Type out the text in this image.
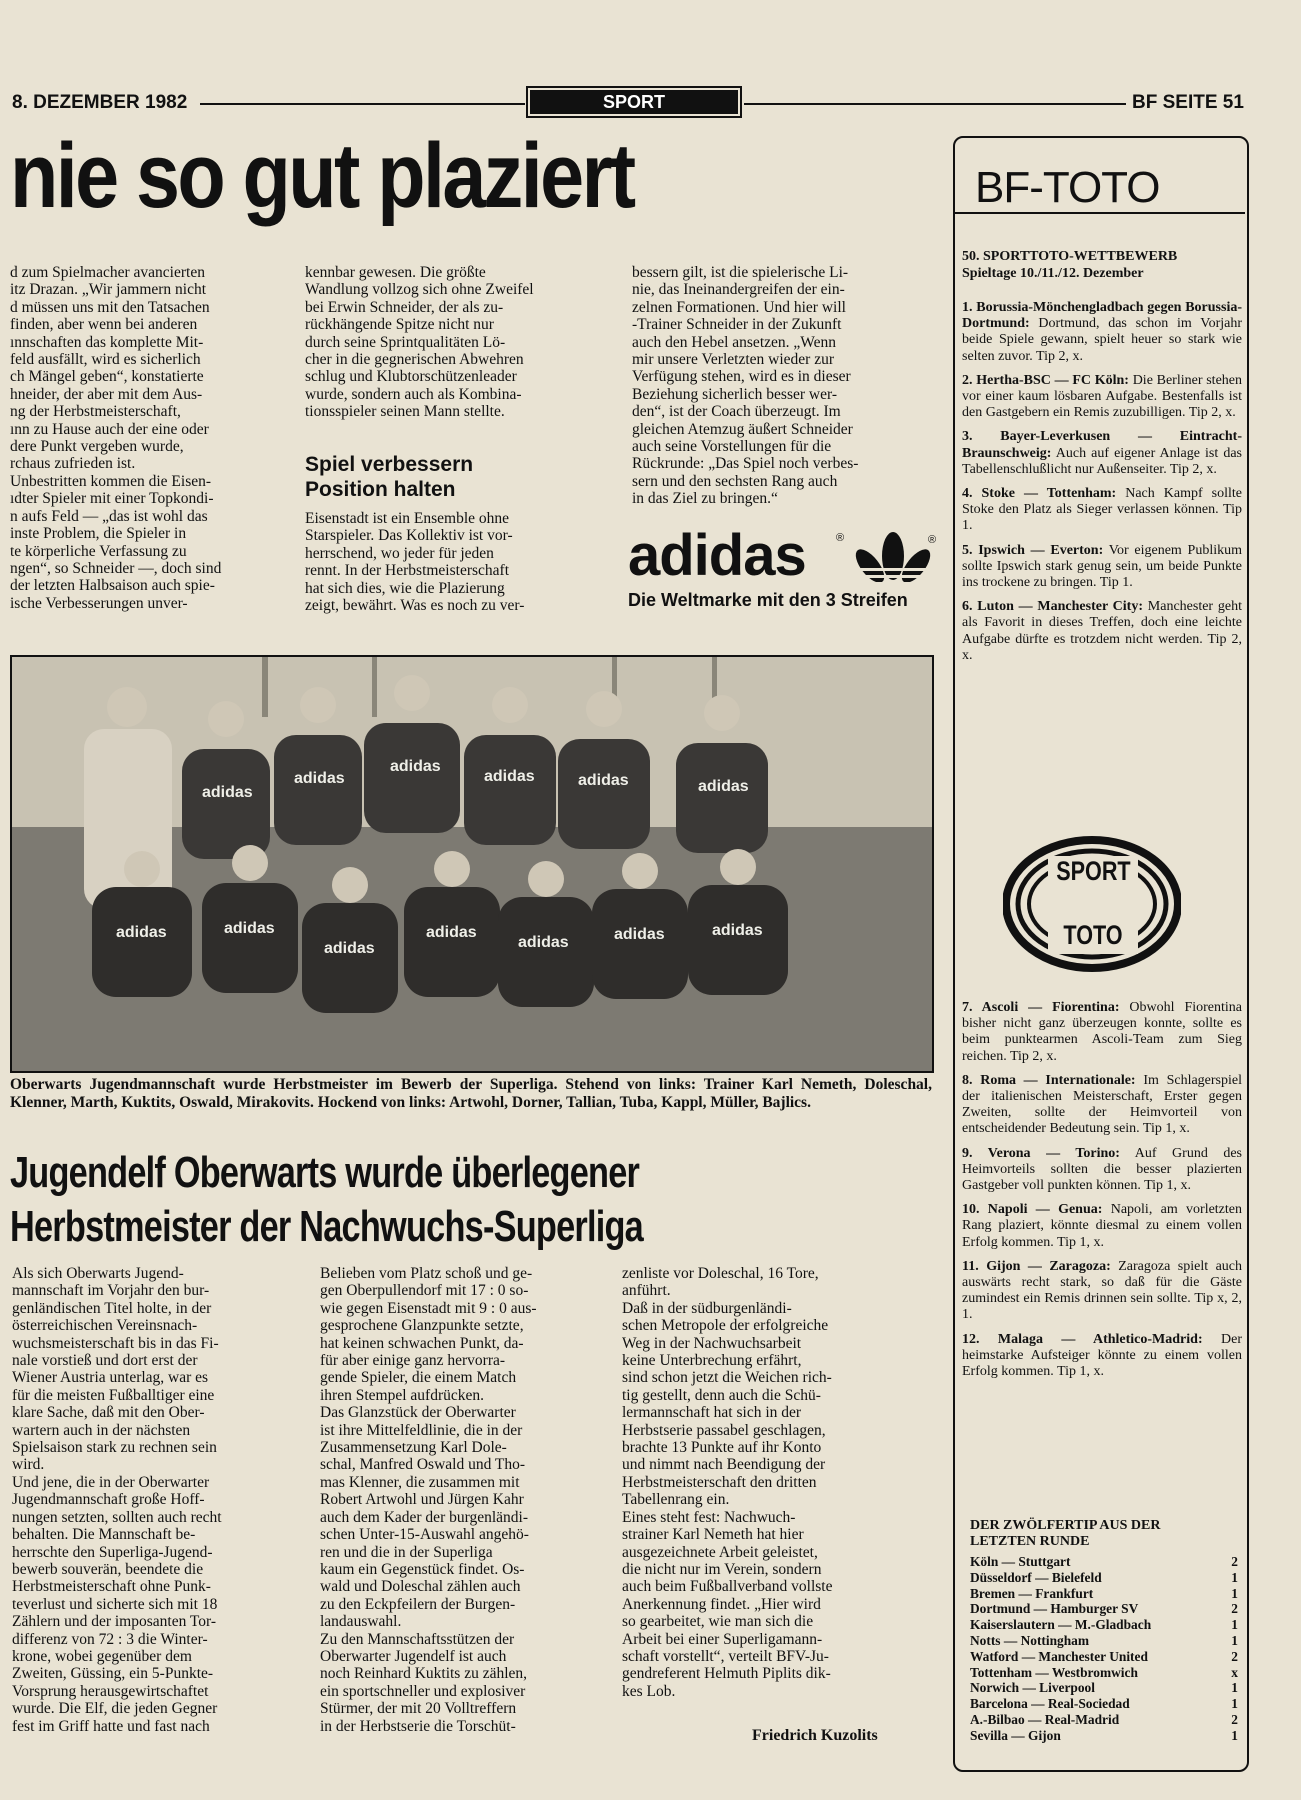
8. DEZEMBER 1982	SPORT	BF SEITE 51
nie so gut plaziert
d zum Spielmacher avancierten
itz Drazan. „Wir jammern nicht
d müssen uns mit den Tatsachen
finden, aber wenn bei anderen
ınnschaften das komplette Mit-
feld ausfällt, wird es sicherlich
ch Mängel geben“, konstatierte
hneider, der aber mit dem Aus-
ng der Herbstmeisterschaft,
ınn zu Hause auch der eine oder
dere Punkt vergeben wurde,
rchaus zufrieden ist.
Unbestritten kommen die Eisen-
ıdter Spieler mit einer Topkondi-
n aufs Feld — „das ist wohl das
inste Problem, die Spieler in
te körperliche Verfassung zu
ngen“, so Schneider —, doch sind
der letzten Halbsaison auch spie-
ische Verbesserungen unver-
kennbar gewesen. Die größte
Wandlung vollzog sich ohne Zweifel
bei Erwin Schneider, der als zu-
rückhängende Spitze nicht nur
durch seine Sprintqualitäten Lö-
cher in die gegnerischen Abwehren
schlug und Klubtorschützenleader
wurde, sondern auch als Kombina-
tionsspieler seinen Mann stellte.
Spiel verbessern
Position halten
Eisenstadt ist ein Ensemble ohne
Starspieler. Das Kollektiv ist vor-
herrschend, wo jeder für jeden
rennt. In der Herbstmeisterschaft
hat sich dies, wie die Plazierung
zeigt, bewährt. Was es noch zu ver-
bessern gilt, ist die spielerische Li-
nie, das Ineinandergreifen der ein-
zelnen Formationen. Und hier will
-Trainer Schneider in der Zukunft
auch den Hebel ansetzen. „Wenn
mir unsere Verletzten wieder zur
Verfügung stehen, wird es in dieser
Beziehung sicherlich besser wer-
den“, ist der Coach überzeugt. Im
gleichen Atemzug äußert Schneider
auch seine Vorstellungen für die
Rückrunde: „Das Spiel noch verbes-
sern und den sechsten Rang auch
in das Ziel zu bringen.“
adidas	®	®
Die Weltmarke mit den 3 Streifen
adidas
adidas
adidas
adidas	adidas	adidas
adidas	adidas
adidas
adidas
adidas	adidas	adidas
Oberwarts Jugendmannschaft wurde Herbstmeister im Bewerb der Superliga. Stehend von links: Trainer Karl Nemeth, Doleschal, Klenner, Marth, Kuktits, Oswald, Mirakovits. Hockend von links: Artwohl, Dorner, Tallian, Tuba, Kappl, Müller, Bajlics.
Jugendelf Oberwarts wurde überlegener
Herbstmeister der Nachwuchs-Superliga
Als sich Oberwarts Jugend-
mannschaft im Vorjahr den bur-
genländischen Titel holte, in der
österreichischen Vereinsnach-
wuchsmeisterschaft bis in das Fi-
nale vorstieß und dort erst der
Wiener Austria unterlag, war es
für die meisten Fußballtiger eine
klare Sache, daß mit den Ober-
wartern auch in der nächsten
Spielsaison stark zu rechnen sein
wird.
Und jene, die in der Oberwarter
Jugendmannschaft große Hoff-
nungen setzten, sollten auch recht
behalten. Die Mannschaft be-
herrschte den Superliga-Jugend-
bewerb souverän, beendete die
Herbstmeisterschaft ohne Punk-
teverlust und sicherte sich mit 18
Zählern und der imposanten Tor-
differenz von 72 : 3 die Winter-
krone, wobei gegenüber dem
Zweiten, Güssing, ein 5-Punkte-
Vorsprung herausgewirtschaftet
wurde. Die Elf, die jeden Gegner
fest im Griff hatte und fast nach
Belieben vom Platz schoß und ge-
gen Oberpullendorf mit 17 : 0 so-
wie gegen Eisenstadt mit 9 : 0 aus-
gesprochene Glanzpunkte setzte,
hat keinen schwachen Punkt, da-
für aber einige ganz hervorra-
gende Spieler, die einem Match
ihren Stempel aufdrücken.
Das Glanzstück der Oberwarter
ist ihre Mittelfeldlinie, die in der
Zusammensetzung Karl Dole-
schal, Manfred Oswald und Tho-
mas Klenner, die zusammen mit
Robert Artwohl und Jürgen Kahr
auch dem Kader der burgenländi-
schen Unter-15-Auswahl angehö-
ren und die in der Superliga
kaum ein Gegenstück findet. Os-
wald und Doleschal zählen auch
zu den Eckpfeilern der Burgen-
landauswahl.
Zu den Mannschaftsstützen der
Oberwarter Jugendelf ist auch
noch Reinhard Kuktits zu zählen,
ein sportschneller und explosiver
Stürmer, der mit 20 Volltreffern
in der Herbstserie die Torschüt-
zenliste vor Doleschal, 16 Tore,
anführt.
Daß in der südburgenländi-
schen Metropole der erfolgreiche
Weg in der Nachwuchsarbeit
keine Unterbrechung erfährt,
sind schon jetzt die Weichen rich-
tig gestellt, denn auch die Schü-
lermannschaft hat sich in der
Herbstserie passabel geschlagen,
brachte 13 Punkte auf ihr Konto
und nimmt nach Beendigung der
Herbstmeisterschaft den dritten
Tabellenrang ein.
Eines steht fest: Nachwuch-
strainer Karl Nemeth hat hier
ausgezeichnete Arbeit geleistet,
die nicht nur im Verein, sondern
auch beim Fußballverband vollste
Anerkennung findet. „Hier wird
so gearbeitet, wie man sich die
Arbeit bei einer Superligamann-
schaft vorstellt“, verteilt BFV-Ju-
gendreferent Helmuth Piplits dik-
kes Lob.
Friedrich Kuzolits
BF-TOTO
50. SPORTTOTO-WETTBEWERB
Spieltage 10./11./12. Dezember
1. Borussia-Mönchengladbach gegen Borussia-Dortmund: Dortmund, das schon im Vorjahr beide Spiele gewann, spielt heuer so stark wie selten zuvor. Tip 2, x.
2. Hertha-BSC — FC Köln: Die Berliner stehen vor einer kaum lösbaren Aufgabe. Bestenfalls ist den Gastgebern ein Remis zuzubilligen. Tip 2, x.
3. Bayer-Leverkusen — Eintracht-Braunschweig: Auch auf eigener Anlage ist das Tabellenschlußlicht nur Außenseiter. Tip 2, x.
4. Stoke — Tottenham: Nach Kampf sollte Stoke den Platz als Sieger verlassen können. Tip 1.
5. Ipswich — Everton: Vor eigenem Publikum sollte Ipswich stark genug sein, um beide Punkte ins trockene zu bringen. Tip 1.
6. Luton — Manchester City: Manchester geht als Favorit in dieses Treffen, doch eine leichte Aufgabe dürfte es trotzdem nicht werden. Tip 2, x.
SPORT
TOTO
7. Ascoli — Fiorentina: Obwohl Fiorentina bisher nicht ganz überzeugen konnte, sollte es beim punktearmen Ascoli-Team zum Sieg reichen. Tip 2, x.
8. Roma — Internationale: Im Schlagerspiel der italienischen Meisterschaft, Erster gegen Zweiten, sollte der Heimvorteil von entscheidender Bedeutung sein. Tip 1, x.
9. Verona — Torino: Auf Grund des Heimvorteils sollten die besser plazierten Gastgeber voll punkten können. Tip 1, x.
10. Napoli — Genua: Napoli, am vorletzten Rang plaziert, könnte diesmal zu einem vollen Erfolg kommen. Tip 1, x.
11. Gijon — Zaragoza: Zaragoza spielt auch auswärts recht stark, so daß für die Gäste zumindest ein Remis drinnen sein sollte. Tip x, 2, 1.
12. Malaga — Athletico-Madrid: Der heimstarke Aufsteiger könnte zu einem vollen Erfolg kommen. Tip 1, x.
DER ZWÖLFERTIP AUS DER LETZTEN RUNDE
Köln — Stuttgart	2
Düsseldorf — Bielefeld	1
Bremen — Frankfurt	1
Dortmund — Hamburger SV	2
Kaiserslautern — M.-Gladbach	1
Notts — Nottingham	1
Watford — Manchester United	2
Tottenham — Westbromwich	x
Norwich — Liverpool	1
Barcelona — Real-Sociedad	1
A.-Bilbao — Real-Madrid	2
Sevilla — Gijon	1
